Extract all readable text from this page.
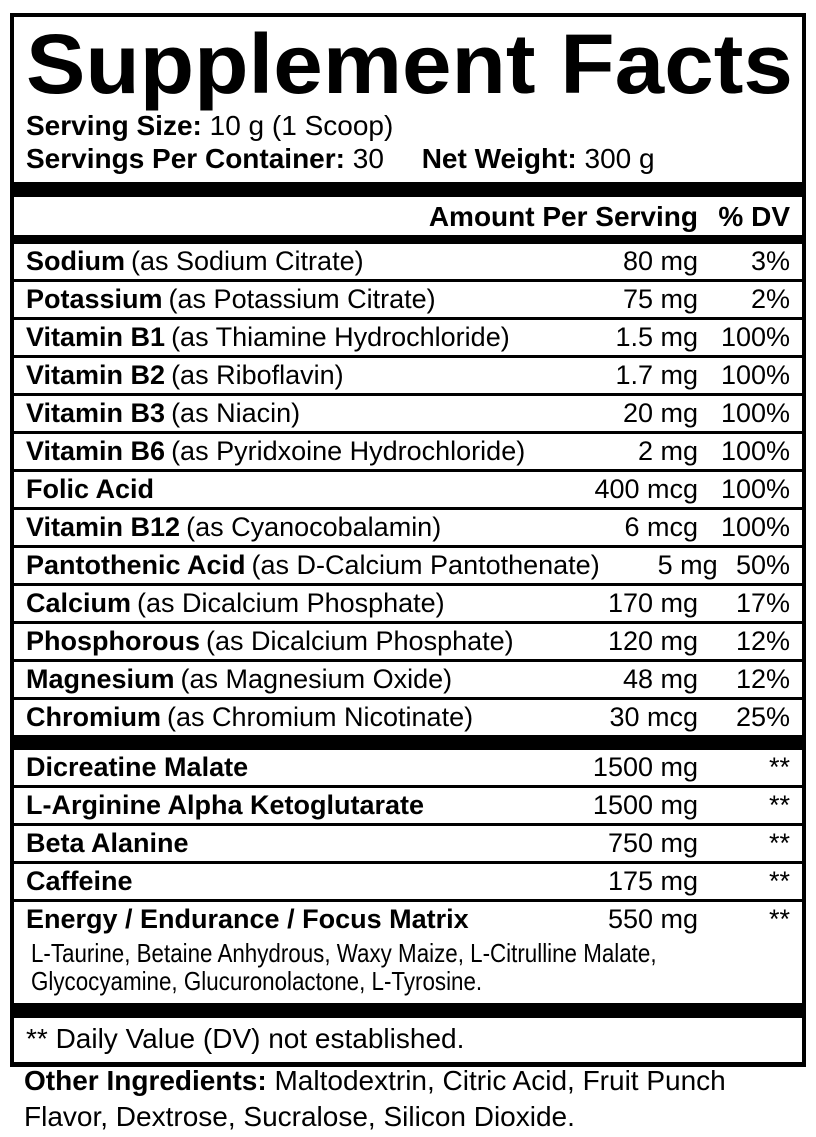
Supplement Facts
Serving Size: 10 g (1 Scoop)
Servings Per Container: 30 Net Weight: 300 g
Amount Per Serving % DV
Sodium (as Sodium Citrate)	80 mg	3%
Potassium (as Potassium Citrate)	75 mg	2%
Vitamin B1 (as Thiamine Hydrochloride)	1.5 mg 100%
Vitamin B2 (as Riboflavin)	1.7 mg 100%
Vitamin B3 (as Niacin)	20 mg 100%
Vitamin B6 (as Pyridxoine Hydrochloride)	2 mg 100%
Folic Acid	400 mcg 100%
Vitamin B12 (as Cyanocobalamin)	6 mcg 100%
Pantothenic Acid (as D-Calcium Pantothenate)	5 mg 50%
Calcium (as Dicalcium Phosphate)	170 mg	17%
Phosphorous (as Dicalcium Phosphate)	120 mg	12%
Magnesium (as Magnesium Oxide)	48 mg	12%
Chromium (as Chromium Nicotinate)	30 mcg	25%
Dicreatine Malate	1500 mg	**
L-Arginine Alpha Ketoglutarate	1500 mg	**
Beta Alanine	750 mg	**
Caffeine	175 mg	**
Energy / Endurance / Focus Matrix	550 mg	**
L-Taurine, Betaine Anhydrous, Waxy Maize, L-Citrulline Malate, Glycocyamine, Glucuronolactone, L-Tyrosine.
** Daily Value (DV) not established.
Other Ingredients: Maltodextrin, Citric Acid, Fruit Punch Flavor, Dextrose, Sucralose, Silicon Dioxide.
